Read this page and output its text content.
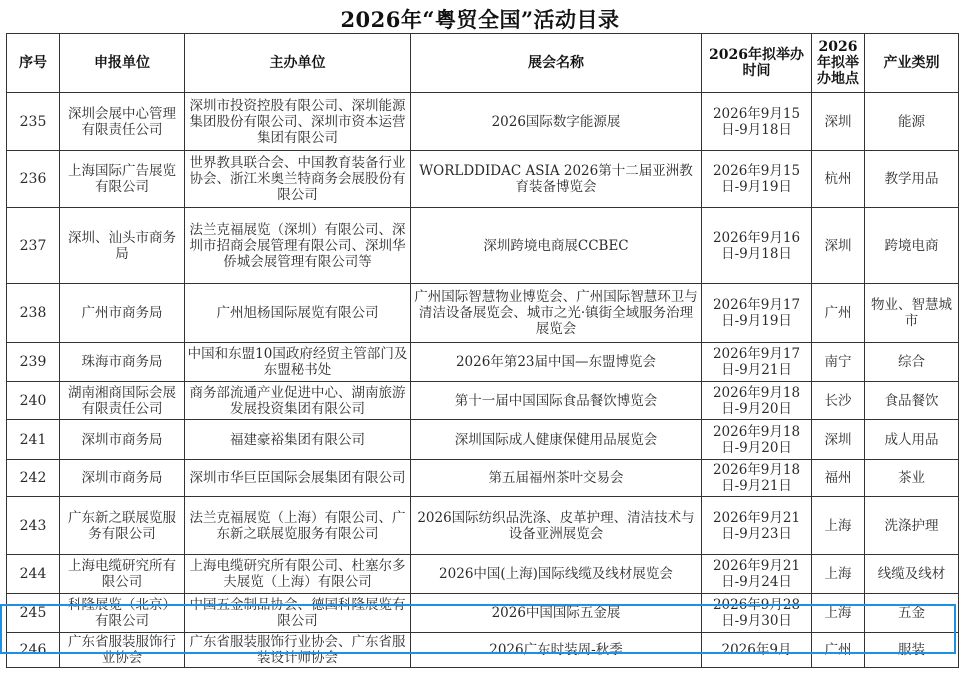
2026年“粤贸全国”活动目录
序号	申报单位	主办单位	展会名称	2026年拟举办时间	2026年拟举办地点	产业类别
235	深圳会展中心管理有限责任公司	深圳市投资控股有限公司、深圳能源集团股份有限公司、深圳市资本运营集团有限公司	2026国际数字能源展	2026年9月15日-9月18日	深圳	能源
236	上海国际广告展览有限公司	世界教具联合会、中国教育装备行业协会、浙江米奥兰特商务会展股份有限公司	WORLDDIDAC ASIA 2026第十二届亚洲教育装备博览会	2026年9月15日-9月19日	杭州	教学用品
237	深圳、汕头市商务局	法兰克福展览（深圳）有限公司、深圳市招商会展管理有限公司、深圳华侨城会展管理有限公司等	深圳跨境电商展CCBEC	2026年9月16日-9月18日	深圳	跨境电商
238	广州市商务局	广州旭杨国际展览有限公司	广州国际智慧物业博览会、广州国际智慧环卫与清洁设备展览会、城市之光·镇街全域服务治理展览会	2026年9月17日-9月19日	广州	物业、智慧城市
239	珠海市商务局	中国和东盟10国政府经贸主管部门及东盟秘书处	2026年第23届中国—东盟博览会	2026年9月17日-9月21日	南宁	综合
240	湖南湘商国际会展有限责任公司	商务部流通产业促进中心、湖南旅游发展投资集团有限公司	第十一届中国国际食品餐饮博览会	2026年9月18日-9月20日	长沙	食品餐饮
241	深圳市商务局	福建豪裕集团有限公司	深圳国际成人健康保健用品展览会	2026年9月18日-9月20日	深圳	成人用品
242	深圳市商务局	深圳市华巨臣国际会展集团有限公司	第五届福州茶叶交易会	2026年9月18日-9月21日	福州	茶业
243	广东新之联展览服务有限公司	法兰克福展览（上海）有限公司、广东新之联展览服务有限公司	2026国际纺织品洗涤、皮革护理、清洁技术与设备亚洲展览会	2026年9月21日-9月23日	上海	洗涤护理
244	上海电缆研究所有限公司	上海电缆研究所有限公司、杜塞尔多夫展览（上海）有限公司	2026中国(上海)国际线缆及线材展览会	2026年9月21日-9月24日	上海	线缆及线材
245	科隆展览（北京）有限公司	中国五金制品协会、德国科隆展览有限公司	2026中国国际五金展	2026年9月28日-9月30日	上海	五金
246	广东省服装服饰行业协会	广东省服装服饰行业协会、广东省服装设计师协会	2026广东时装周-秋季	2026年9月	广州	服装
